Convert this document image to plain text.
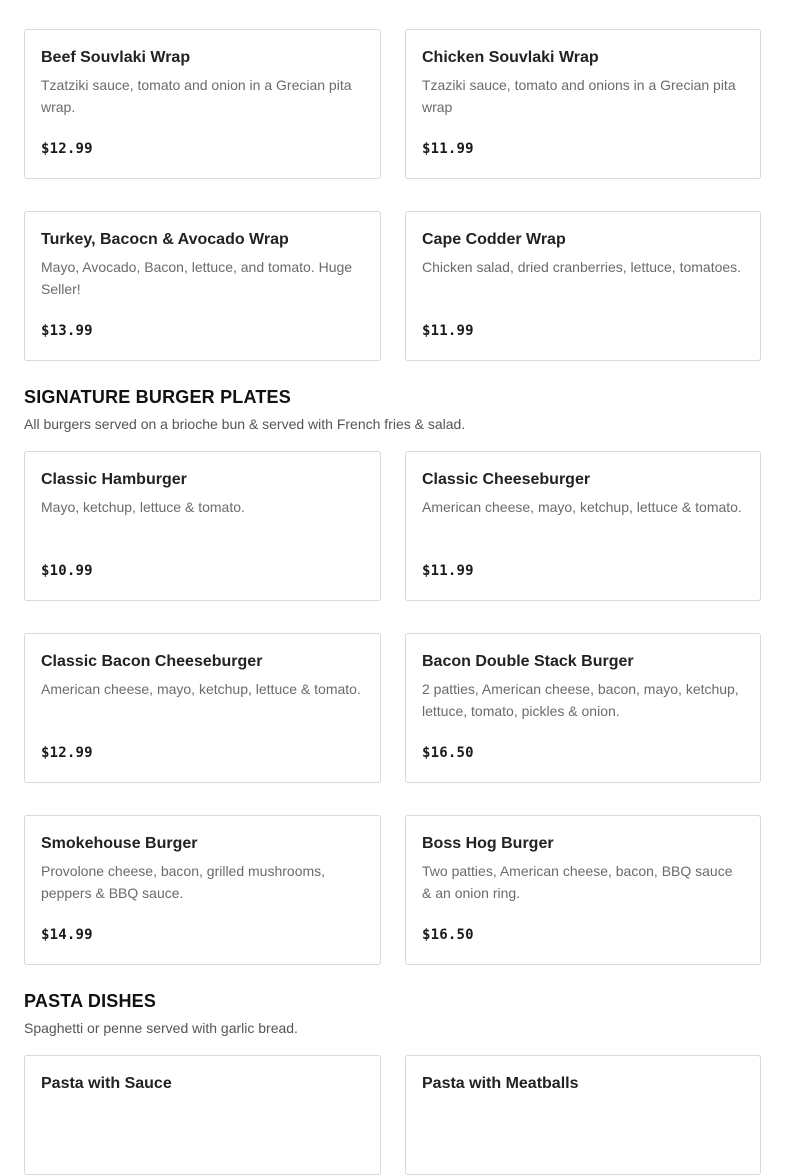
Beef Souvlaki Wrap
Tzatziki sauce, tomato and onion in a Grecian pita wrap.
$12.99
Chicken Souvlaki Wrap
Tzaziki sauce, tomato and onions in a Grecian pita wrap
$11.99
Turkey, Bacocn & Avocado Wrap
Mayo, Avocado, Bacon, lettuce, and tomato. Huge Seller!
$13.99
Cape Codder Wrap
Chicken salad, dried cranberries, lettuce, tomatoes.
$11.99
SIGNATURE BURGER PLATES
All burgers served on a brioche bun & served with French fries & salad.
Classic Hamburger
Mayo, ketchup, lettuce & tomato.
$10.99
Classic Cheeseburger
American cheese, mayo, ketchup, lettuce & tomato.
$11.99
Classic Bacon Cheeseburger
American cheese, mayo, ketchup, lettuce & tomato.
$12.99
Bacon Double Stack Burger
2 patties, American cheese, bacon, mayo, ketchup, lettuce, tomato, pickles & onion.
$16.50
Smokehouse Burger
Provolone cheese, bacon, grilled mushrooms, peppers & BBQ sauce.
$14.99
Boss Hog Burger
Two patties, American cheese, bacon, BBQ sauce & an onion ring.
$16.50
PASTA DISHES
Spaghetti or penne served with garlic bread.
Pasta with Sauce	Pasta with Meatballs
